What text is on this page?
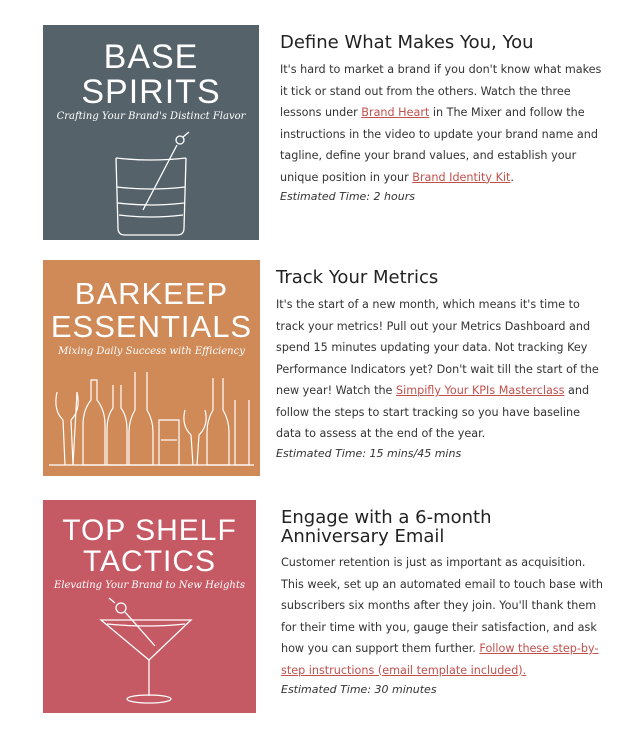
BASE
SPIRITS
Crafting Your Brand's Distinct Flavor
Define What Makes You, You

It's hard to market a brand if you don't know what makes it tick or stand out from the others. Watch the three lessons under Brand Heart in The Mixer and follow the instructions in the video to update your brand name and tagline, define your brand values, and establish your unique position in your Brand Identity Kit.

Estimated Time: 2 hours

BARKEEP
ESSENTIALS
Mixing Daily Success with Efficiency
Track Your Metrics

It's the start of a new month, which means it's time to track your metrics! Pull out your Metrics Dashboard and spend 15 minutes updating your data. Not tracking Key Performance Indicators yet? Don't wait till the start of the new year! Watch the Simpifly Your KPIs Masterclass and follow the steps to start tracking so you have baseline data to assess at the end of the year.

Estimated Time: 15 mins/45 mins

TOP SHELF
TACTICS
Elevating Your Brand to New Heights
Engage with a 6-month
Anniversary Email

Customer retention is just as important as acquisition. This week, set up an automated email to touch base with subscribers six months after they join. You'll thank them for their time with you, gauge their satisfaction, and ask how you can support them further. Follow these step-by-step instructions (email template included).

Estimated Time: 30 minutes
